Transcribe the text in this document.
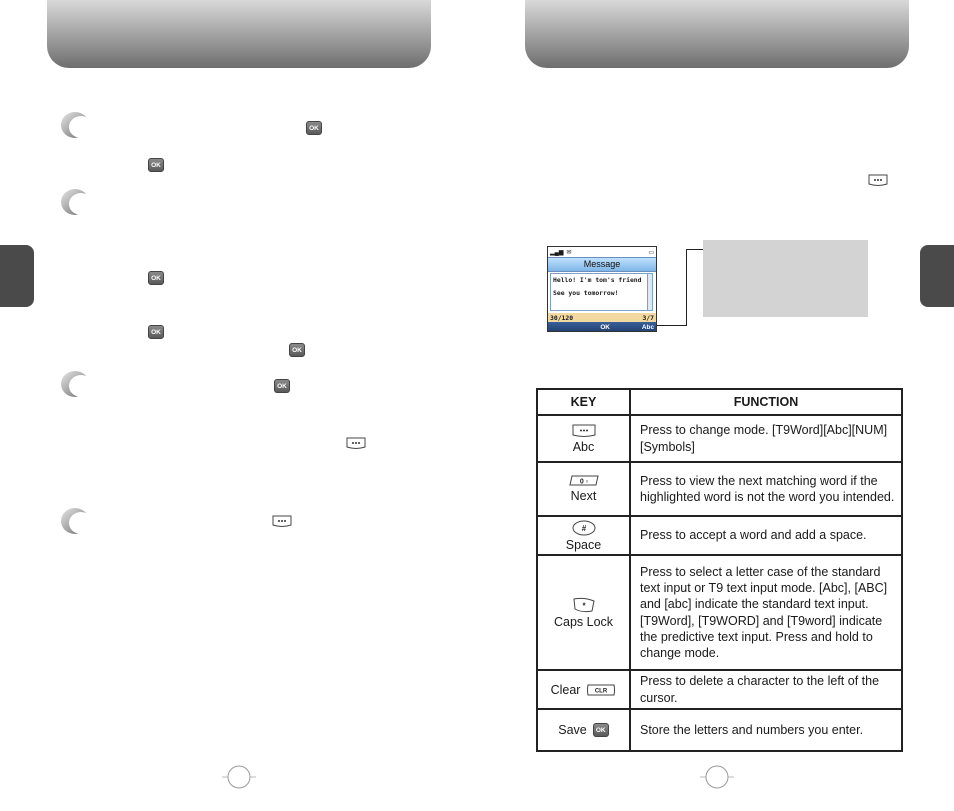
OK
OK
OK
OK
OK
OK
▂▄▆ ✉	▭
Message
Hello! I'm tom's friend
See you tomorrow!
30/120	3/7
OK	Abc
KEY	FUNCTION

Abc	Press to change mode. [T9Word][Abc][NUM][Symbols]

0 ▫
Next	Press to view the next matching word if the highlighted word is not the word you intended.

#
Space	Press to accept a word and add a space.

*
Caps Lock	Press to select a letter case of the standard text input or T9 text input mode. [Abc], [ABC] and [abc] indicate the standard text input. [T9Word], [T9WORD] and [T9word] indicate the predictive text input. Press and hold to change mode.

Clear CLR	Press to delete a character to the left of the cursor.

Save OK	Store the letters and numbers you enter.
